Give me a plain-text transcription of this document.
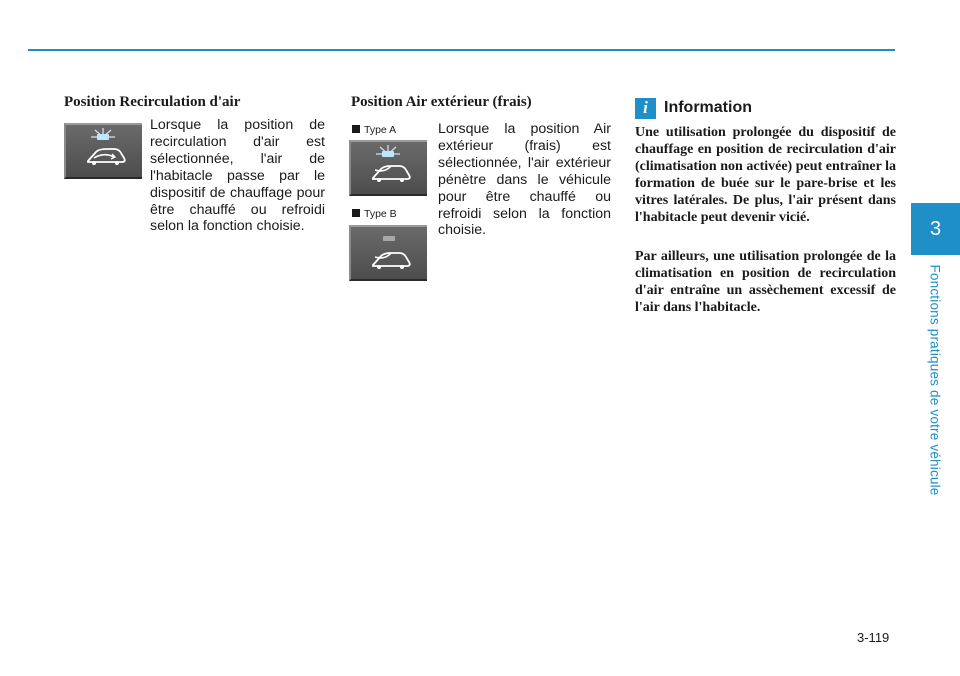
Position Recirculation d'air

Lorsque la position de recirculation d'air est sélectionnée, l'air de l'habitacle passe par le dispositif de chauffage pour être chauffé ou refroidi selon la fonction choisie.

Position Air extérieur (frais)
Type A
Type B

Lorsque la position Air extérieur (frais) est sélectionnée, l'air extérieur pénètre dans le véhicule pour être chauffé ou refroidi selon la fonction choisie.

i	Information

Une utilisation prolongée du dispositif de chauffage en position de recirculation d'air (climatisation non activée) peut entraîner la formation de buée sur le pare-brise et les vitres latérales. De plus, l'air présent dans l'habitacle peut devenir vicié.

Par ailleurs, une utilisation prolongée de la climatisation en position de recirculation d'air entraîne un assèchement excessif de l'air dans l'habitacle.

3
Fonctions pratiques de votre véhicule
3-119
